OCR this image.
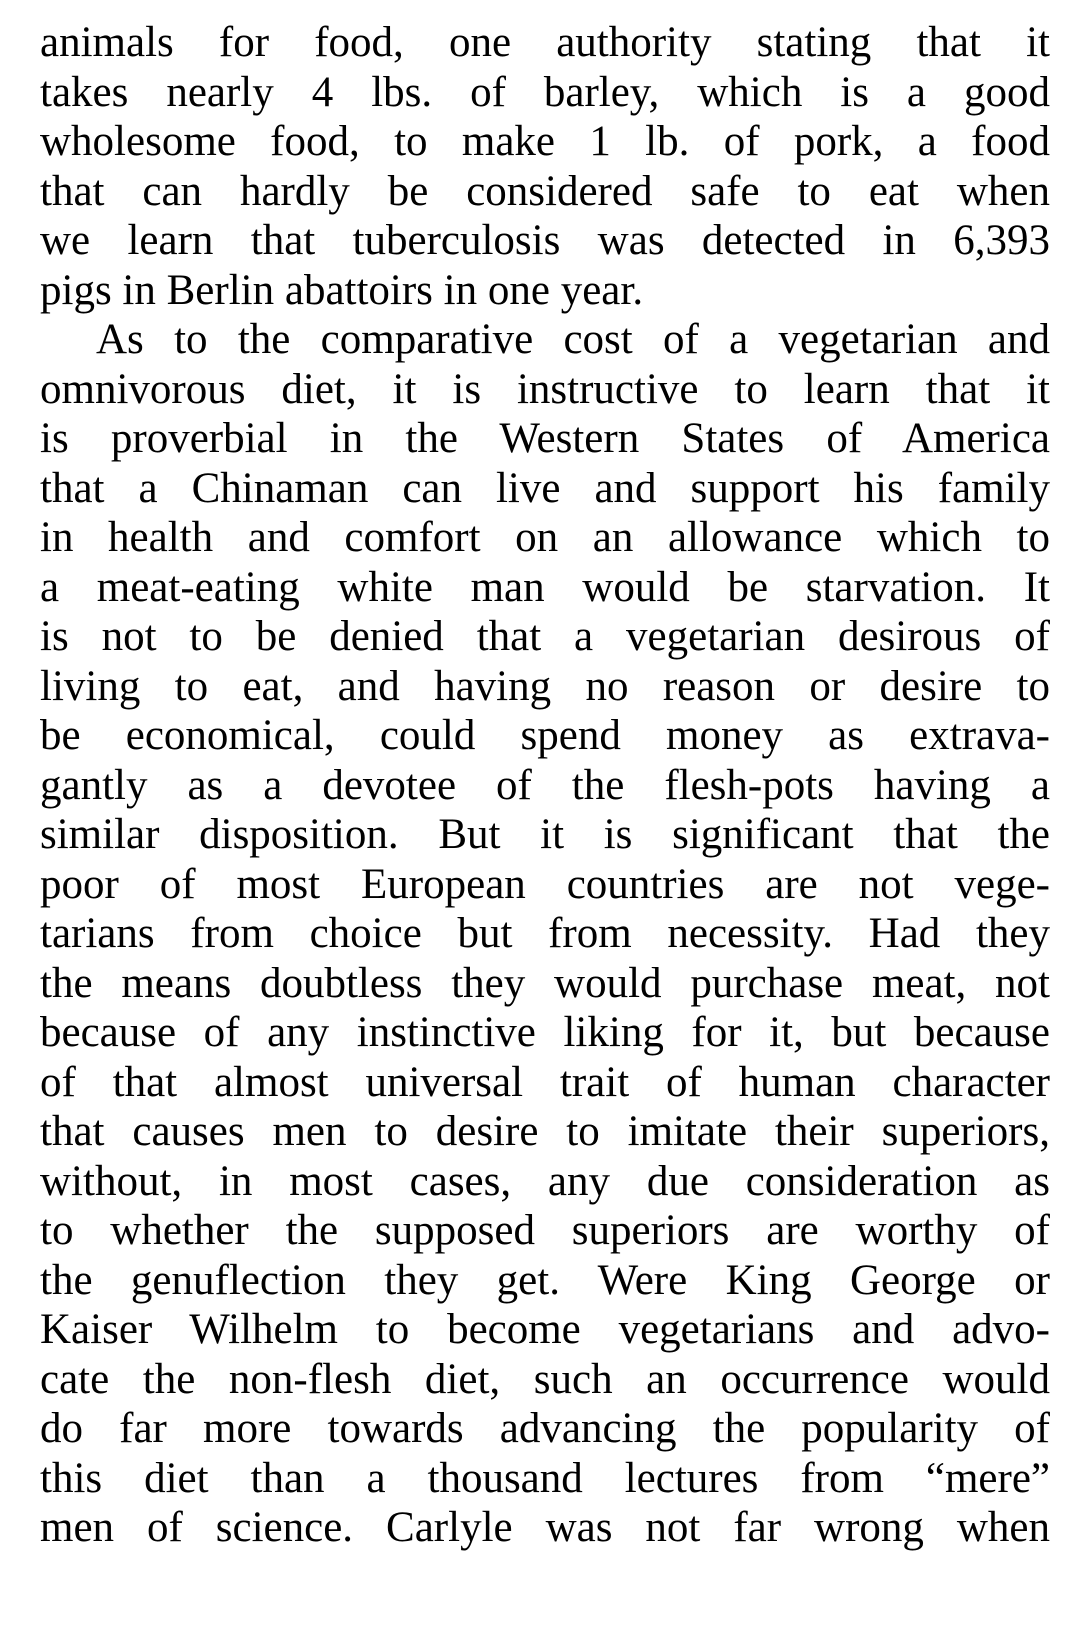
animals for food, one authority stating that it
takes nearly 4 lbs. of barley, which is a good
wholesome food, to make 1 lb. of pork, a food
that can hardly be considered safe to eat when
we learn that tuberculosis was detected in 6,393
pigs in Berlin abattoirs in one year.
As to the comparative cost of a vegetarian and
omnivorous diet, it is instructive to learn that it
is proverbial in the Western States of America
that a Chinaman can live and support his family
in health and comfort on an allowance which to
a meat-eating white man would be starvation. It
is not to be denied that a vegetarian desirous of
living to eat, and having no reason or desire to
be economical, could spend money as extrava-
gantly as a devotee of the flesh-pots having a
similar disposition. But it is significant that the
poor of most European countries are not vege-
tarians from choice but from necessity. Had they
the means doubtless they would purchase meat, not
because of any instinctive liking for it, but because
of that almost universal trait of human character
that causes men to desire to imitate their superiors,
without, in most cases, any due consideration as
to whether the supposed superiors are worthy of
the genuflection they get. Were King George or
Kaiser Wilhelm to become vegetarians and advo-
cate the non-flesh diet, such an occurrence would
do far more towards advancing the popularity of
this diet than a thousand lectures from “mere”
men of science. Carlyle was not far wrong when
